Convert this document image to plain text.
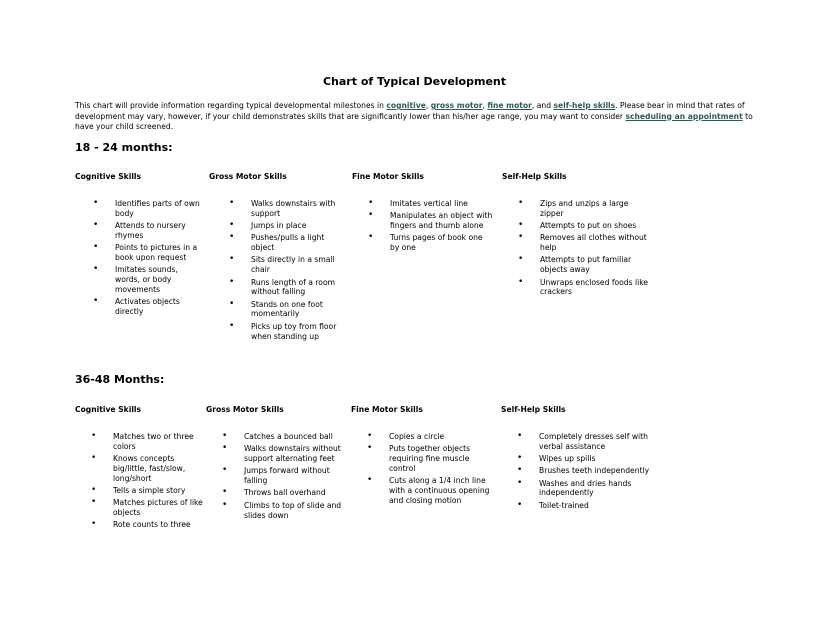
Chart of Typical Development
This chart will provide information regarding typical developmental milestones in cognitive, gross motor, fine motor, and self-help skills. Please bear in mind that rates of development may vary, however, if your child demonstrates skills that are significantly lower than his/her age range, you may want to consider scheduling an appointment to have your child screened.
18 - 24 months:
Cognitive Skills
• Identifies parts of own body
• Attends to nursery rhymes
• Points to pictures in a book upon request
• Imitates sounds, words, or body movements
• Activates objects directly
Gross Motor Skills
• Walks downstairs with support
• Jumps in place
• Pushes/pulls a light object
• Sits directly in a small chair
• Runs length of a room without falling
• Stands on one foot momentarily
• Picks up toy from floor when standing up
Fine Motor Skills
• Imitates vertical line
• Manipulates an object with fingers and thumb alone
• Turns pages of book one by one
Self-Help Skills
• Zips and unzips a large zipper
• Attempts to put on shoes
• Removes all clothes without help
• Attempts to put familiar objects away
• Unwraps enclosed foods like crackers
36-48 Months:
Cognitive Skills
• Matches two or three colors
• Knows concepts big/little, fast/slow, long/short
• Tells a simple story
• Matches pictures of like objects
• Rote counts to three
Gross Motor Skills
• Catches a bounced ball
• Walks downstairs without support alternating feet
• Jumps forward without falling
• Throws ball overhand
• Climbs to top of slide and slides down
Fine Motor Skills
• Copies a circle
• Puts together objects requiring fine muscle control
• Cuts along a 1/4 inch line with a continuous opening and closing motion
Self-Help Skills
• Completely dresses self with verbal assistance
• Wipes up spills
• Brushes teeth independently
• Washes and dries hands independently
• Toilet-trained
